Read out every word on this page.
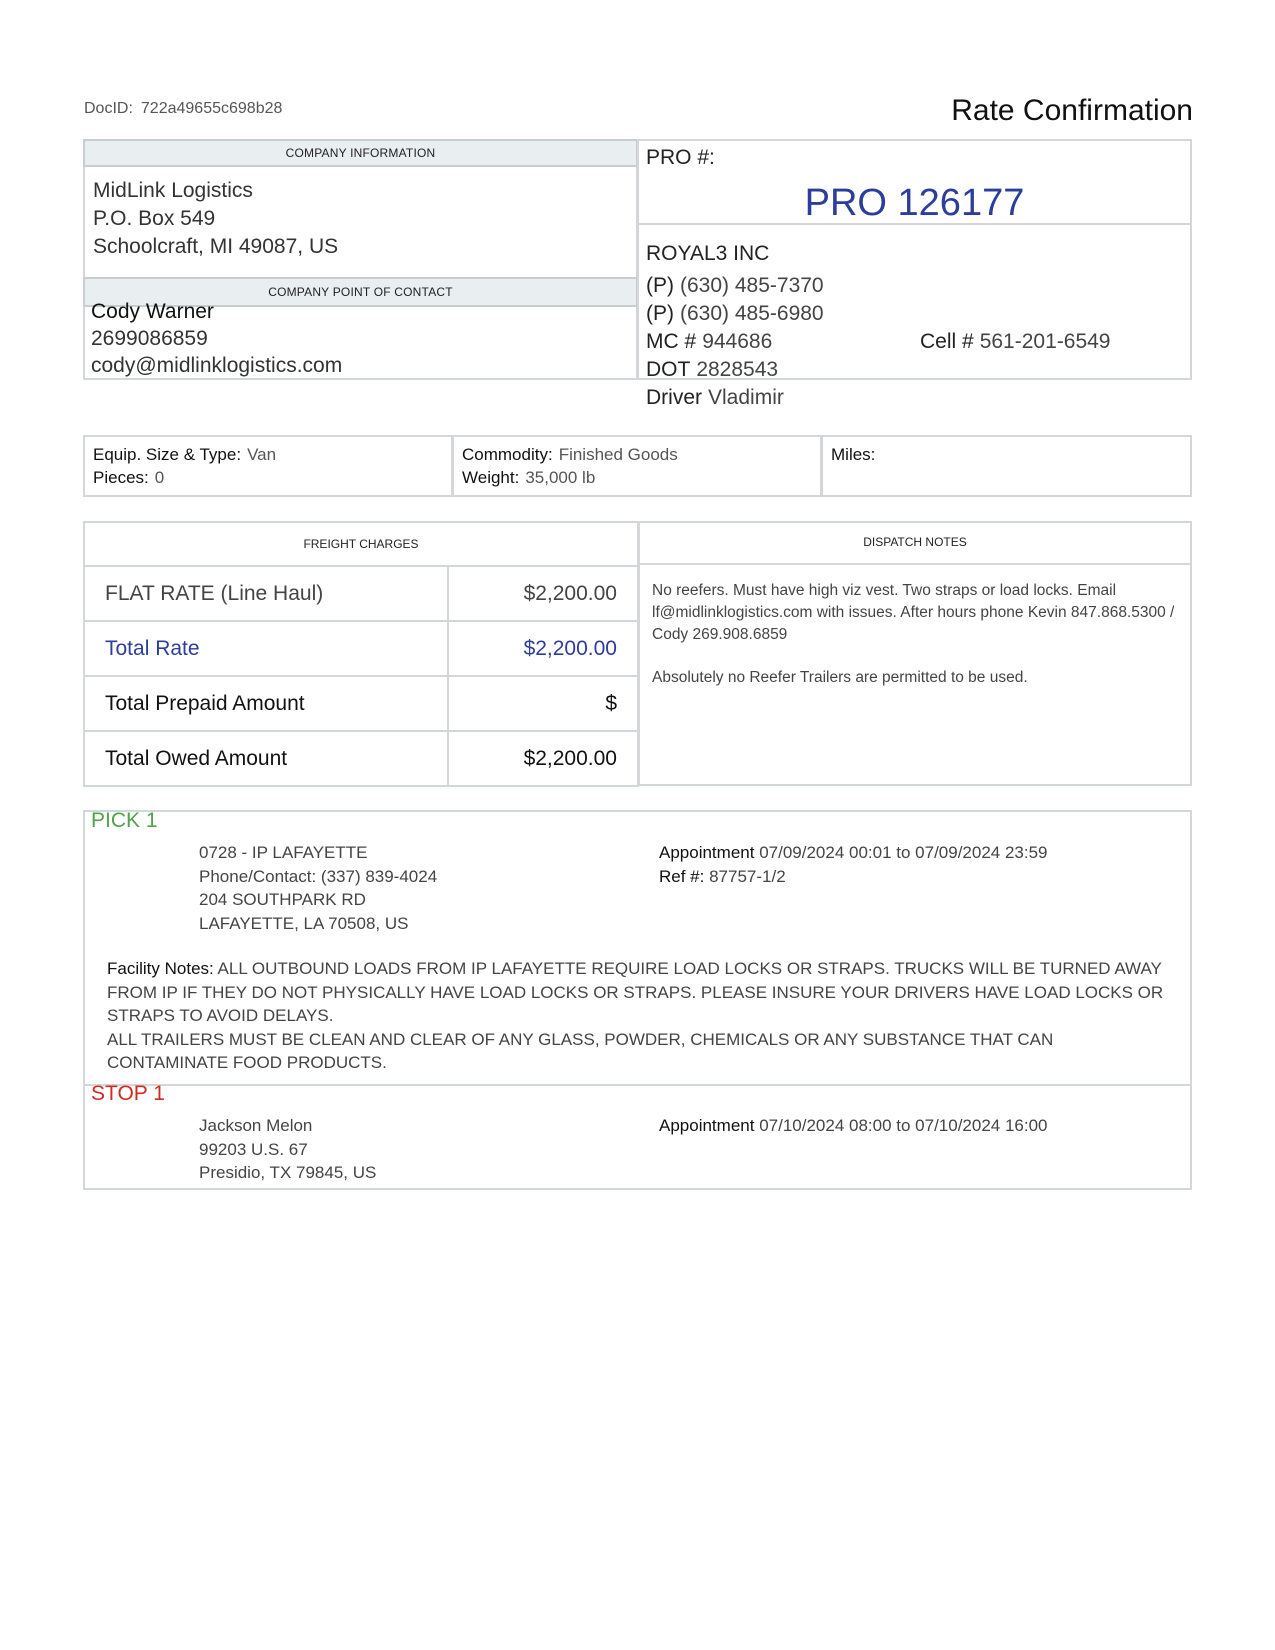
DocID: 722a49655c698b28	Rate Confirmation
COMPANY INFORMATION
MidLink Logistics
P.O. Box 549
Schoolcraft, MI 49087, US
COMPANY POINT OF CONTACT
Cody Warner
2699086859
cody@midlinklogistics.com
PRO #:
PRO 126177
ROYAL3 INC
(P) (630) 485-7370
(P) (630) 485-6980
MC # 944686	Cell # 561-201-6549
DOT 2828543
Driver Vladimir
Equip. Size & Type: Van
Pieces: 0
Commodity: Finished Goods
Weight: 35,000 lb
Miles:
FREIGHT CHARGES	
FLAT RATE (Line Haul)	$2,200.00
Total Rate	$2,200.00
Total Prepaid Amount	$
Total Owed Amount	$2,200.00
DISPATCH NOTES
No reefers. Must have high viz vest. Two straps or load locks. Email lf@midlinklogistics.com with issues. After hours phone Kevin 847.868.5300 / Cody 269.908.6859
Absolutely no Reefer Trailers are permitted to be used.
PICK 1
0728 - IP LAFAYETTE
Phone/Contact: (337) 839-4024
204 SOUTHPARK RD
LAFAYETTE, LA 70508, US
Appointment 07/09/2024 00:01 to 07/09/2024 23:59
Ref #: 87757-1/2
Facility Notes: ALL OUTBOUND LOADS FROM IP LAFAYETTE REQUIRE LOAD LOCKS OR STRAPS. TRUCKS WILL BE TURNED AWAY FROM IP IF THEY DO NOT PHYSICALLY HAVE LOAD LOCKS OR STRAPS. PLEASE INSURE YOUR DRIVERS HAVE LOAD LOCKS OR STRAPS TO AVOID DELAYS.
ALL TRAILERS MUST BE CLEAN AND CLEAR OF ANY GLASS, POWDER, CHEMICALS OR ANY SUBSTANCE THAT CAN CONTAMINATE FOOD PRODUCTS.
STOP 1
Jackson Melon
99203 U.S. 67
Presidio, TX 79845, US
Appointment 07/10/2024 08:00 to 07/10/2024 16:00
